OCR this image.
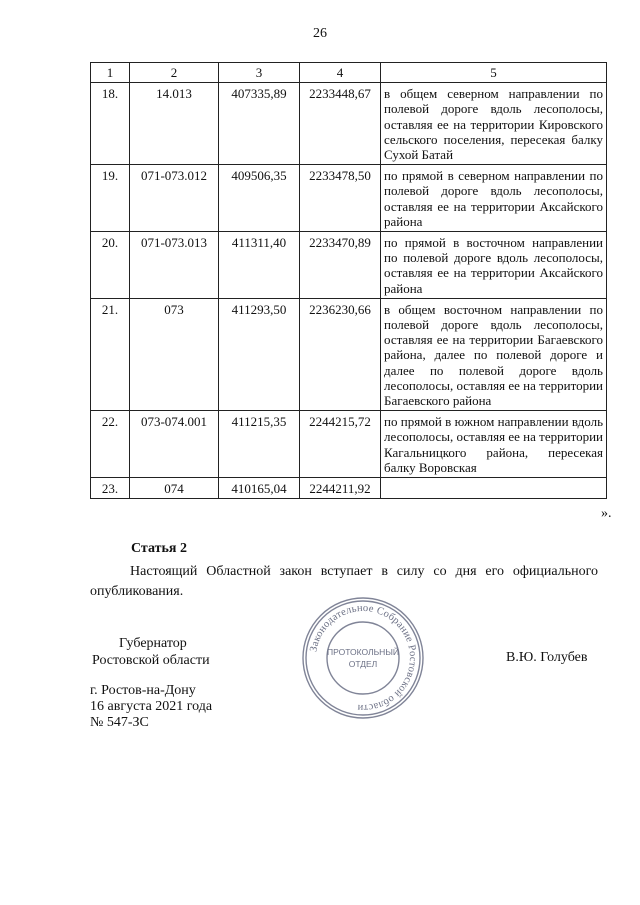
26
1	2	3	4	5
18.	14.013	407335,89	2233448,67	в общем северном направлении по полевой дороге вдоль лесополосы, оставляя ее на территории Кировского сельского поселения, пересекая балку Сухой Батай
19.	071-073.012	409506,35	2233478,50	по прямой в северном направлении по полевой дороге вдоль лесополосы, оставляя ее на территории Аксайского района
20.	071-073.013	411311,40	2233470,89	по прямой в восточном направлении по полевой дороге вдоль лесополосы, оставляя ее на территории Аксайского района
21.	073	411293,50	2236230,66	в общем восточном направлении по полевой дороге вдоль лесополосы, оставляя ее на территории Багаевского района, далее по полевой дороге и далее по полевой дороге вдоль лесополосы, оставляя ее на территории Багаевского района
22.	073-074.001	411215,35	2244215,72	по прямой в южном направлении вдоль лесополосы, оставляя ее на территории Кагальницкого района, пересекая балку Воровская
23.	074	410165,04	2244211,92	
».
Статья 2
Настоящий Областной закон вступает в силу со дня его официального опубликования.
Губернатор
Ростовской области	В.Ю. Голубев
г. Ростов-на-Дону
16 августа 2021 года
№ 547-ЗС
Законодательное Собрание Ростовской области
ПРОТОКОЛЬНЫЙ
ОТДЕЛ
